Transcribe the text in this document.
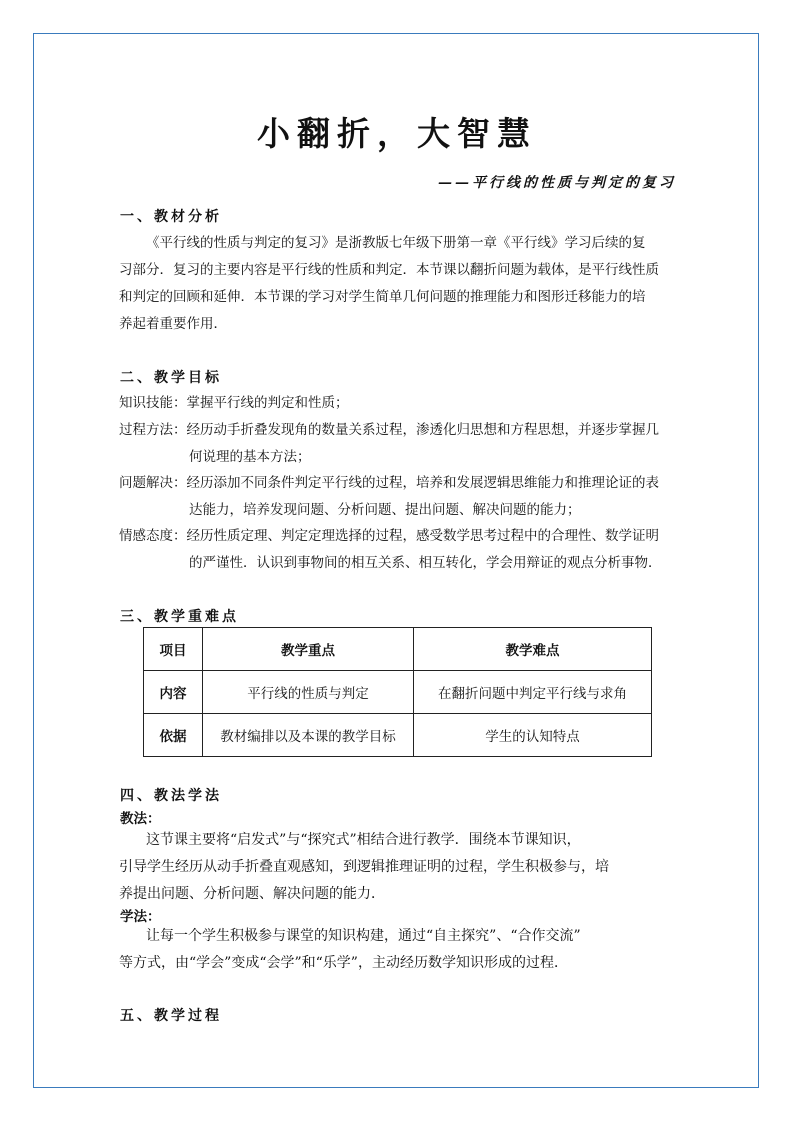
小翻折，大智慧
——平行线的性质与判定的复习
一、教材分析
《平行线的性质与判定的复习》是浙教版七年级下册第一章《平行线》学习后续的复
习部分．复习的主要内容是平行线的性质和判定．本节课以翻折问题为载体，是平行线性质
和判定的回顾和延伸．本节课的学习对学生简单几何问题的推理能力和图形迁移能力的培
养起着重要作用．
二、教学目标
知识技能：掌握平行线的判定和性质；
过程方法：经历动手折叠发现角的数量关系过程，渗透化归思想和方程思想，并逐步掌握几
何说理的基本方法；
问题解决：经历添加不同条件判定平行线的过程，培养和发展逻辑思维能力和推理论证的表
达能力，培养发现问题、分析问题、提出问题、解决问题的能力；
情感态度：经历性质定理、判定定理选择的过程，感受数学思考过程中的合理性、数学证明
的严谨性．认识到事物间的相互关系、相互转化，学会用辩证的观点分析事物．
三、教学重难点
项目	教学重点	教学难点
内容	平行线的性质与判定	在翻折问题中判定平行线与求角
依据	教材编排以及本课的教学目标	学生的认知特点
四、教法学法
教法：
这节课主要将“启发式”与“探究式”相结合进行教学．围绕本节课知识，
引导学生经历从动手折叠直观感知，到逻辑推理证明的过程，学生积极参与，培
养提出问题、分析问题、解决问题的能力．
学法：
让每一个学生积极参与课堂的知识构建，通过“自主探究”、“合作交流”
等方式，由“学会”变成“会学”和“乐学”，主动经历数学知识形成的过程．
五、教学过程
